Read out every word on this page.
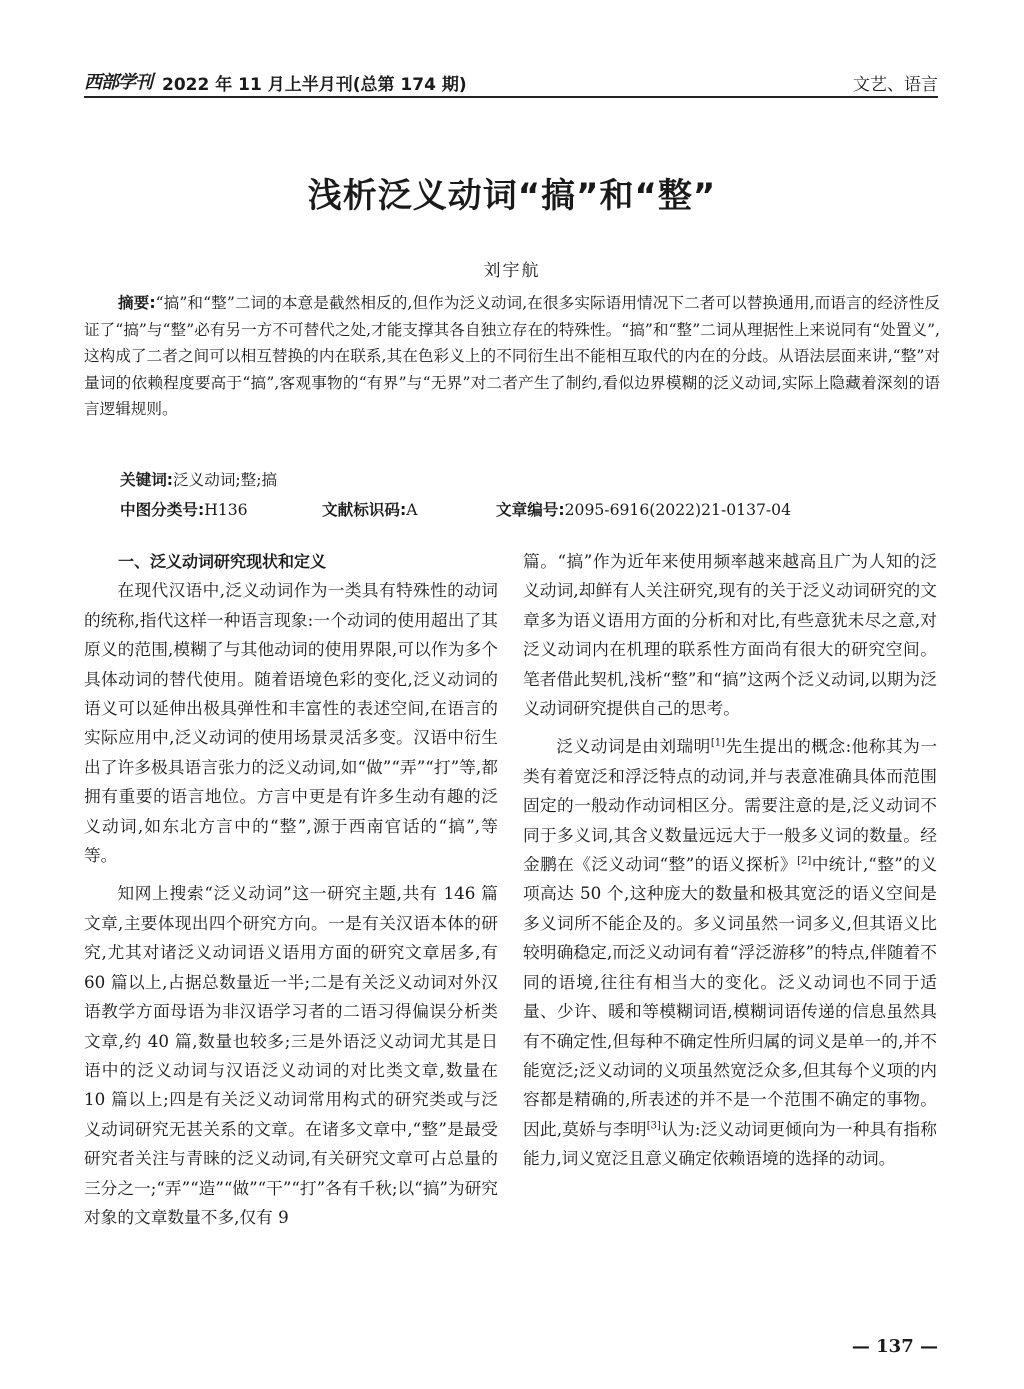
西部学刊 2022 年 11 月上半月刊(总第 174 期)	文艺、语言
浅析泛义动词“搞”和“整”
刘宇航
摘要:“搞”和“整”二词的本意是截然相反的,但作为泛义动词,在很多实际语用情况下二者可以替换通用,而语言的经济性反证了“搞”与“整”必有另一方不可替代之处,才能支撑其各自独立存在的特殊性。“搞”和“整”二词从理据性上来说同有“处置义”,这构成了二者之间可以相互替换的内在联系,其在色彩义上的不同衍生出不能相互取代的内在的分歧。从语法层面来讲,“整”对量词的依赖程度要高于“搞”,客观事物的“有界”与“无界”对二者产生了制约,看似边界模糊的泛义动词,实际上隐藏着深刻的语言逻辑规则。
关键词:泛义动词;整;搞
中图分类号:H136	文献标识码:A	文章编号:2095-6916(2022)21-0137-04

一、泛义动词研究现状和定义

在现代汉语中,泛义动词作为一类具有特殊性的动词的统称,指代这样一种语言现象:一个动词的使用超出了其原义的范围,模糊了与其他动词的使用界限,可以作为多个具体动词的替代使用。随着语境色彩的变化,泛义动词的语义可以延伸出极具弹性和丰富性的表述空间,在语言的实际应用中,泛义动词的使用场景灵活多变。汉语中衍生出了许多极具语言张力的泛义动词,如“做”“弄”“打”等,都拥有重要的语言地位。方言中更是有许多生动有趣的泛义动词,如东北方言中的“整”,源于西南官话的“搞”,等等。

知网上搜索“泛义动词”这一研究主题,共有 146 篇文章,主要体现出四个研究方向。一是有关汉语本体的研究,尤其对诸泛义动词语义语用方面的研究文章居多,有 60 篇以上,占据总数量近一半;二是有关泛义动词对外汉语教学方面母语为非汉语学习者的二语习得偏误分析类文章,约 40 篇,数量也较多;三是外语泛义动词尤其是日语中的泛义动词与汉语泛义动词的对比类文章,数量在 10 篇以上;四是有关泛义动词常用构式的研究类或与泛义动词研究无甚关系的文章。在诸多文章中,“整”是最受研究者关注与青睐的泛义动词,有关研究文章可占总量的三分之一;“弄”“造”“做”“干”“打”各有千秋;以“搞”为研究对象的文章数量不多,仅有 9

篇。“搞”作为近年来使用频率越来越高且广为人知的泛义动词,却鲜有人关注研究,现有的关于泛义动词研究的文章多为语义语用方面的分析和对比,有些意犹未尽之意,对泛义动词内在机理的联系性方面尚有很大的研究空间。笔者借此契机,浅析“整”和“搞”这两个泛义动词,以期为泛义动词研究提供自己的思考。

泛义动词是由刘瑞明[1]先生提出的概念:他称其为一类有着宽泛和浮泛特点的动词,并与表意准确具体而范围固定的一般动作动词相区分。需要注意的是,泛义动词不同于多义词,其含义数量远远大于一般多义词的数量。经金鹏在《泛义动词“整”的语义探析》[2]中统计,“整”的义项高达 50 个,这种庞大的数量和极其宽泛的语义空间是多义词所不能企及的。多义词虽然一词多义,但其语义比较明确稳定,而泛义动词有着“浮泛游移”的特点,伴随着不同的语境,往往有相当大的变化。泛义动词也不同于适量、少许、暖和等模糊词语,模糊词语传递的信息虽然具有不确定性,但每种不确定性所归属的词义是单一的,并不能宽泛;泛义动词的义项虽然宽泛众多,但其每个义项的内容都是精确的,所表述的并不是一个范围不确定的事物。因此,莫娇与李明[3]认为:泛义动词更倾向为一种具有指称能力,词义宽泛且意义确定依赖语境的选择的动词。

— 137 —
